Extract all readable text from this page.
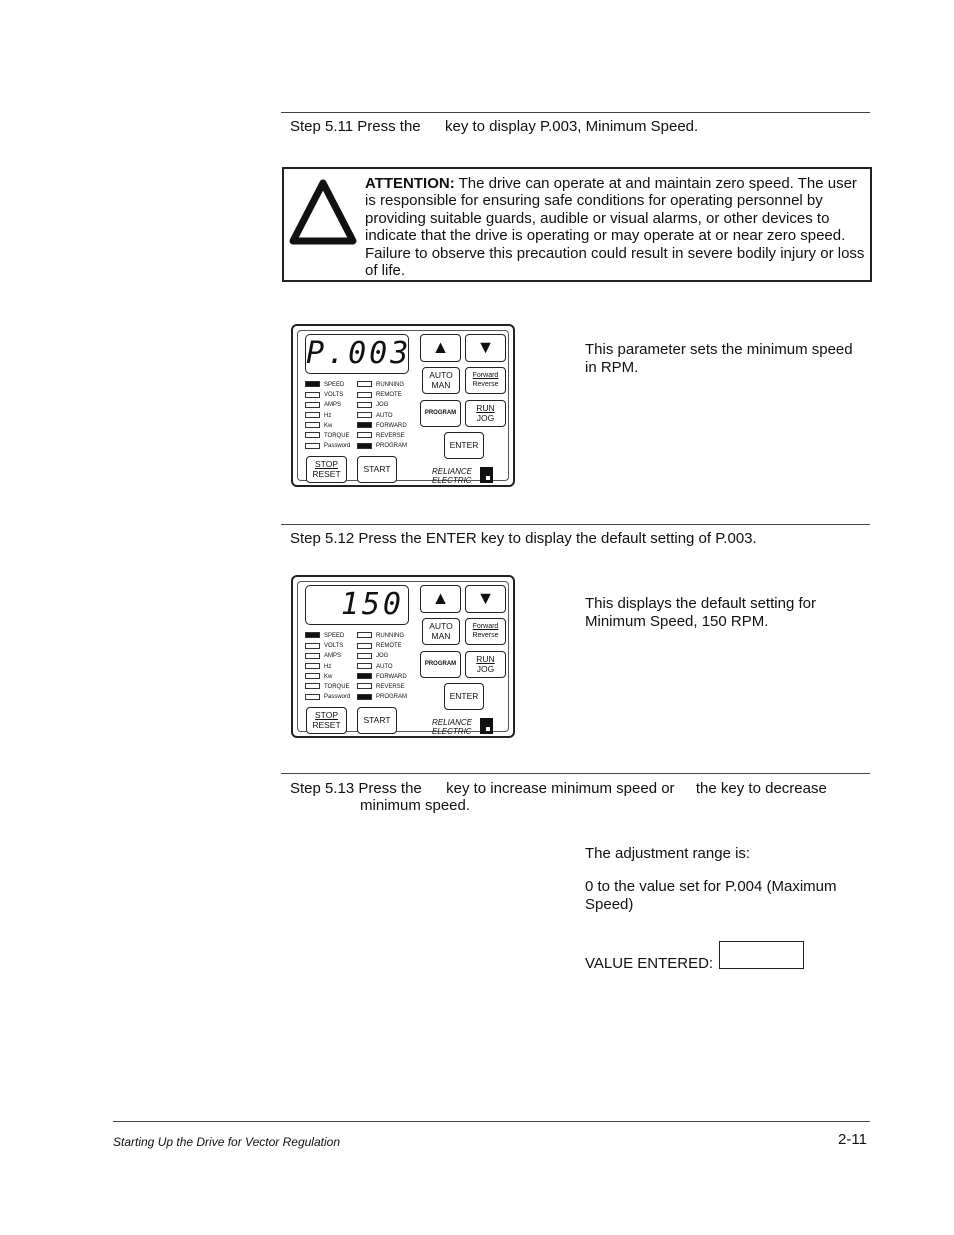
Step 5.11 Press the key to display P.003, Minimum Speed.
ATTENTION: The drive can operate at and maintain zero speed. The user is responsible for ensuring safe conditions for operating personnel by providing suitable guards, audible or visual alarms, or other devices to indicate that the drive is operating or may operate at or near zero speed. Failure to observe this precaution could result in severe bodily injury or loss of life.
P.003	▲	▼
AUTO
MAN
Forward
Reverse
PROGRAM	RUN
JOG
ENTER
STOP
RESET	START	RELIANCE
ELECTRIC
SPEED
VOLTS
AMPS
Hz
Kw
TORQUE
Password
RUNNING
REMOTE
JOG
AUTO
FORWARD
REVERSE
PROGRAM
This parameter sets the minimum speed in RPM.
Step 5.12 Press the ENTER key to display the default setting of P.003.
150	▲	▼
AUTO
MAN
Forward
Reverse
PROGRAM	RUN
JOG
ENTER
STOP
RESET	START	RELIANCE
ELECTRIC
SPEED
VOLTS
AMPS
Hz
Kw
TORQUE
Password
RUNNING
REMOTE
JOG
AUTO
FORWARD
REVERSE
PROGRAM
This displays the default setting for Minimum Speed, 150 RPM.
Step 5.13 Press the key to increase minimum speed or the key to decrease
minimum speed.
The adjustment range is:
0 to the value set for P.004 (Maximum
Speed)
VALUE ENTERED:
Starting Up the Drive for Vector Regulation	2-11
